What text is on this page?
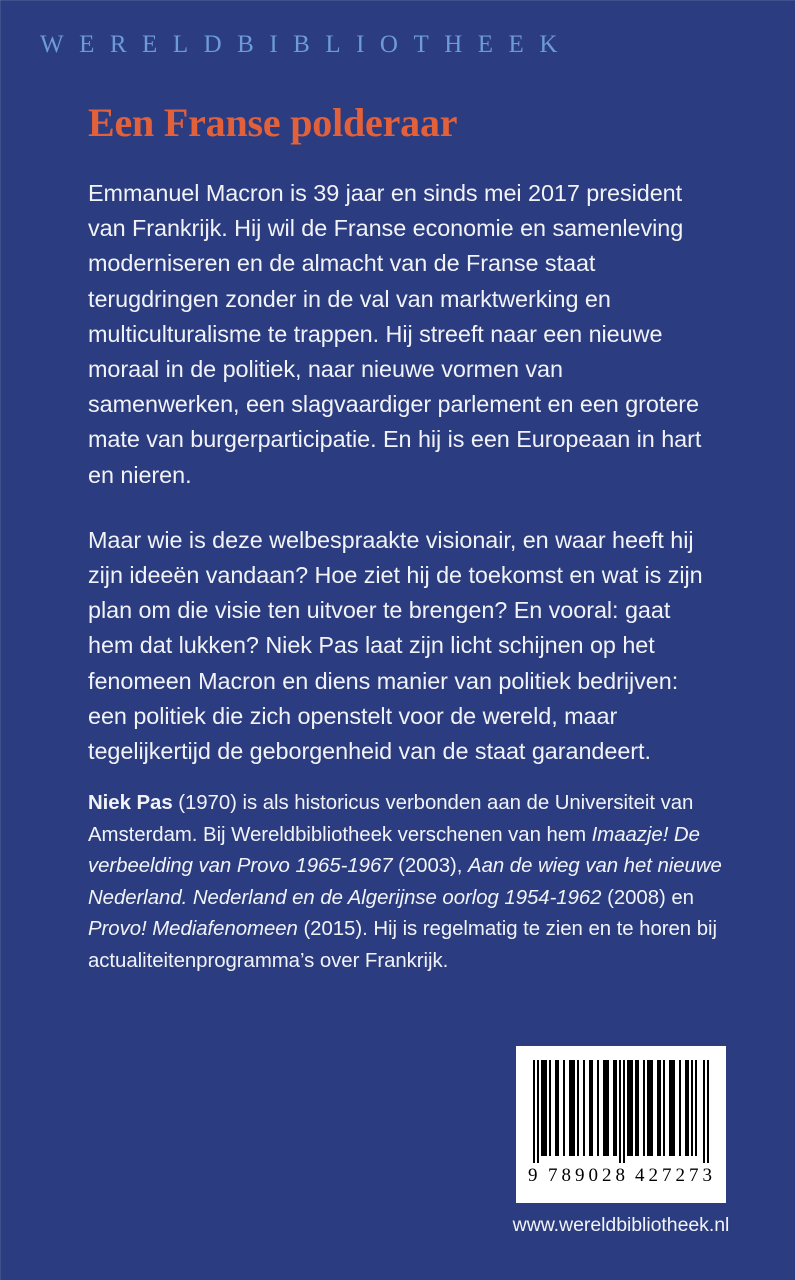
WERELDBIBLIOTHEEK
Een Franse polderaar

Emmanuel Macron is 39 jaar en sinds mei 2017 president van Frankrijk. Hij wil de Franse economie en samenleving moderniseren en de almacht van de Franse staat terugdringen zonder in de val van marktwerking en multiculturalisme te trappen. Hij streeft naar een nieuwe moraal in de politiek, naar nieuwe vormen van samenwerken, een slagvaardiger parlement en een grotere mate van burgerparticipatie. En hij is een Europeaan in hart en nieren.

Maar wie is deze welbespraakte visionair, en waar heeft hij zijn ideeën vandaan? Hoe ziet hij de toekomst en wat is zijn plan om die visie ten uitvoer te brengen? En vooral: gaat hem dat lukken? Niek Pas laat zijn licht schijnen op het fenomeen Macron en diens manier van politiek bedrijven: een politiek die zich openstelt voor de wereld, maar tegelijkertijd de geborgenheid van de staat garandeert.

Niek Pas (1970) is als historicus verbonden aan de Universiteit van Amsterdam. Bij Wereldbibliotheek verschenen van hem Imaazje! De verbeelding van Provo 1965-1967 (2003), Aan de wieg van het nieuwe Nederland. Nederland en de Algerijnse oorlog 1954-1962 (2008) en Provo! Mediafenomeen (2015). Hij is regelmatig te zien en te horen bij actualiteitenprogramma’s over Frankrijk.

9 7 8 9 0 2 8 4 2 7 2 7 3
www.wereldbibliotheek.nl
